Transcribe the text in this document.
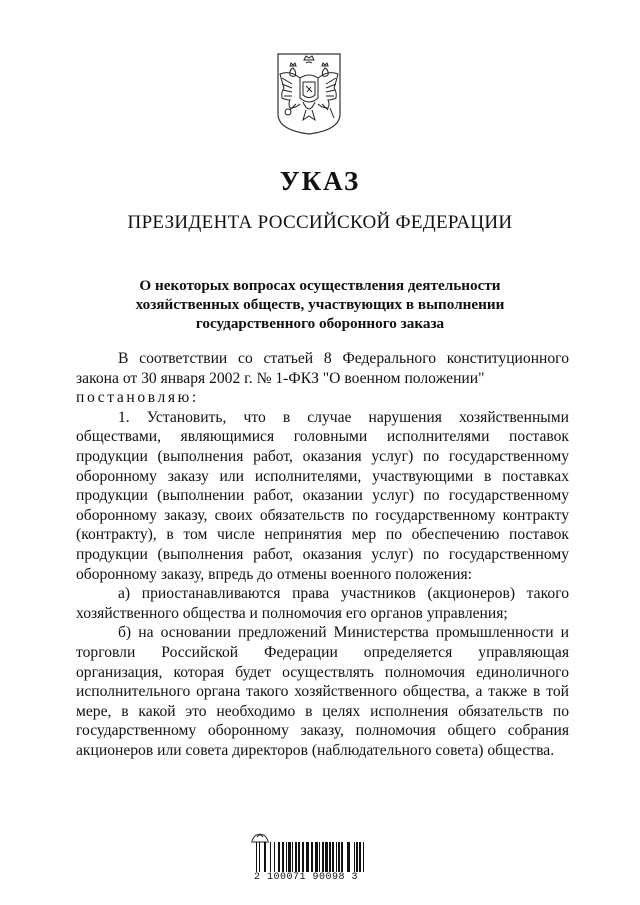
УКАЗ
ПРЕЗИДЕНТА РОССИЙСКОЙ ФЕДЕРАЦИИ
О некоторых вопросах осуществления деятельности
хозяйственных обществ, участвующих в выполнении
государственного оборонного заказа

В соответствии со статьей 8 Федерального конституционного закона от 30 января 2002 г. № 1-ФКЗ "О военном положении"

постановляю:

1. Установить, что в случае нарушения хозяйственными обществами, являющимися головными исполнителями поставок продукции (выполнения работ, оказания услуг) по государственному оборонному заказу или исполнителями, участвующими в поставках продукции (выполнении работ, оказании услуг) по государственному оборонному заказу, своих обязательств по государственному контракту (контракту), в том числе непринятия мер по обеспечению поставок продукции (выполнения работ, оказания услуг) по государственному оборонному заказу, впредь до отмены военного положения:

а) приостанавливаются права участников (акционеров) такого хозяйственного общества и полномочия его органов управления;

б) на основании предложений Министерства промышленности и торговли Российской Федерации определяется управляющая организация, которая будет осуществлять полномочия единоличного исполнительного органа такого хозяйственного общества, а также в той мере, в какой это необходимо в целях исполнения обязательств по государственному оборонному заказу, полномочия общего собрания акционеров или совета директоров (наблюдательного совета) общества.

2 100071 90098 3
